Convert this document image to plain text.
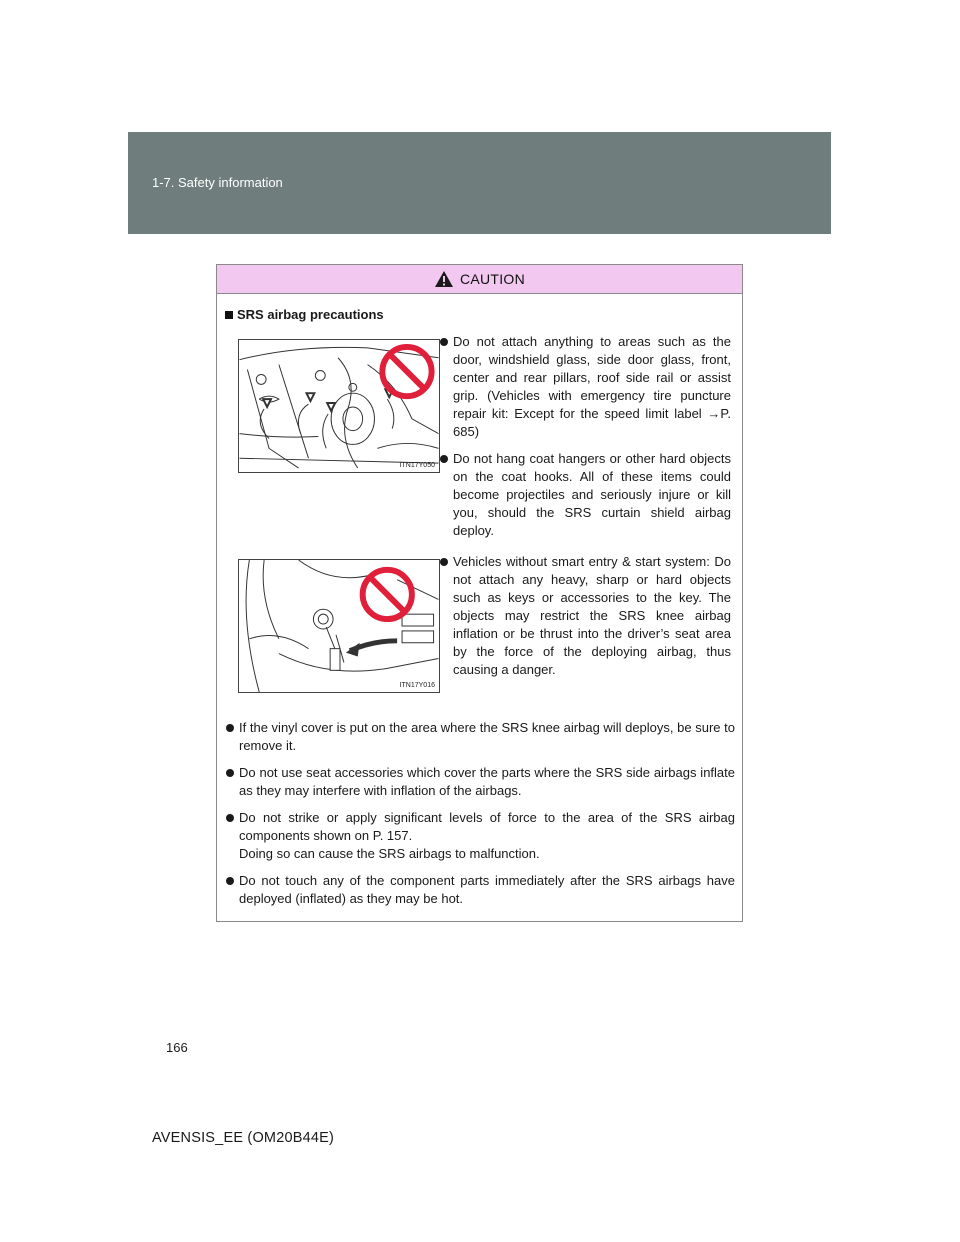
1-7. Safety information
CAUTION
SRS airbag precautions
ITN17Y050
ITN17Y016
Do not attach anything to areas such as the door, windshield glass, side door glass, front, center and rear pillars, roof side rail or assist grip. (Vehicles with emergency tire puncture repair kit: Except for the speed limit label →P. 685)
Do not hang coat hangers or other hard objects on the coat hooks. All of these items could become projectiles and seriously injure or kill you, should the SRS curtain shield airbag deploy.
Vehicles without smart entry & start system: Do not attach any heavy, sharp or hard objects such as keys or accessories to the key. The objects may restrict the SRS knee airbag inflation or be thrust into the driver’s seat area by the force of the deploying airbag, thus causing a danger.
If the vinyl cover is put on the area where the SRS knee airbag will deploys, be sure to remove it.
Do not use seat accessories which cover the parts where the SRS side airbags inflate as they may interfere with inflation of the airbags.
Do not strike or apply significant levels of force to the area of the SRS airbag components shown on P. 157.
Doing so can cause the SRS airbags to malfunction.
Do not touch any of the component parts immediately after the SRS airbags have deployed (inflated) as they may be hot.
166
AVENSIS_EE (OM20B44E)
